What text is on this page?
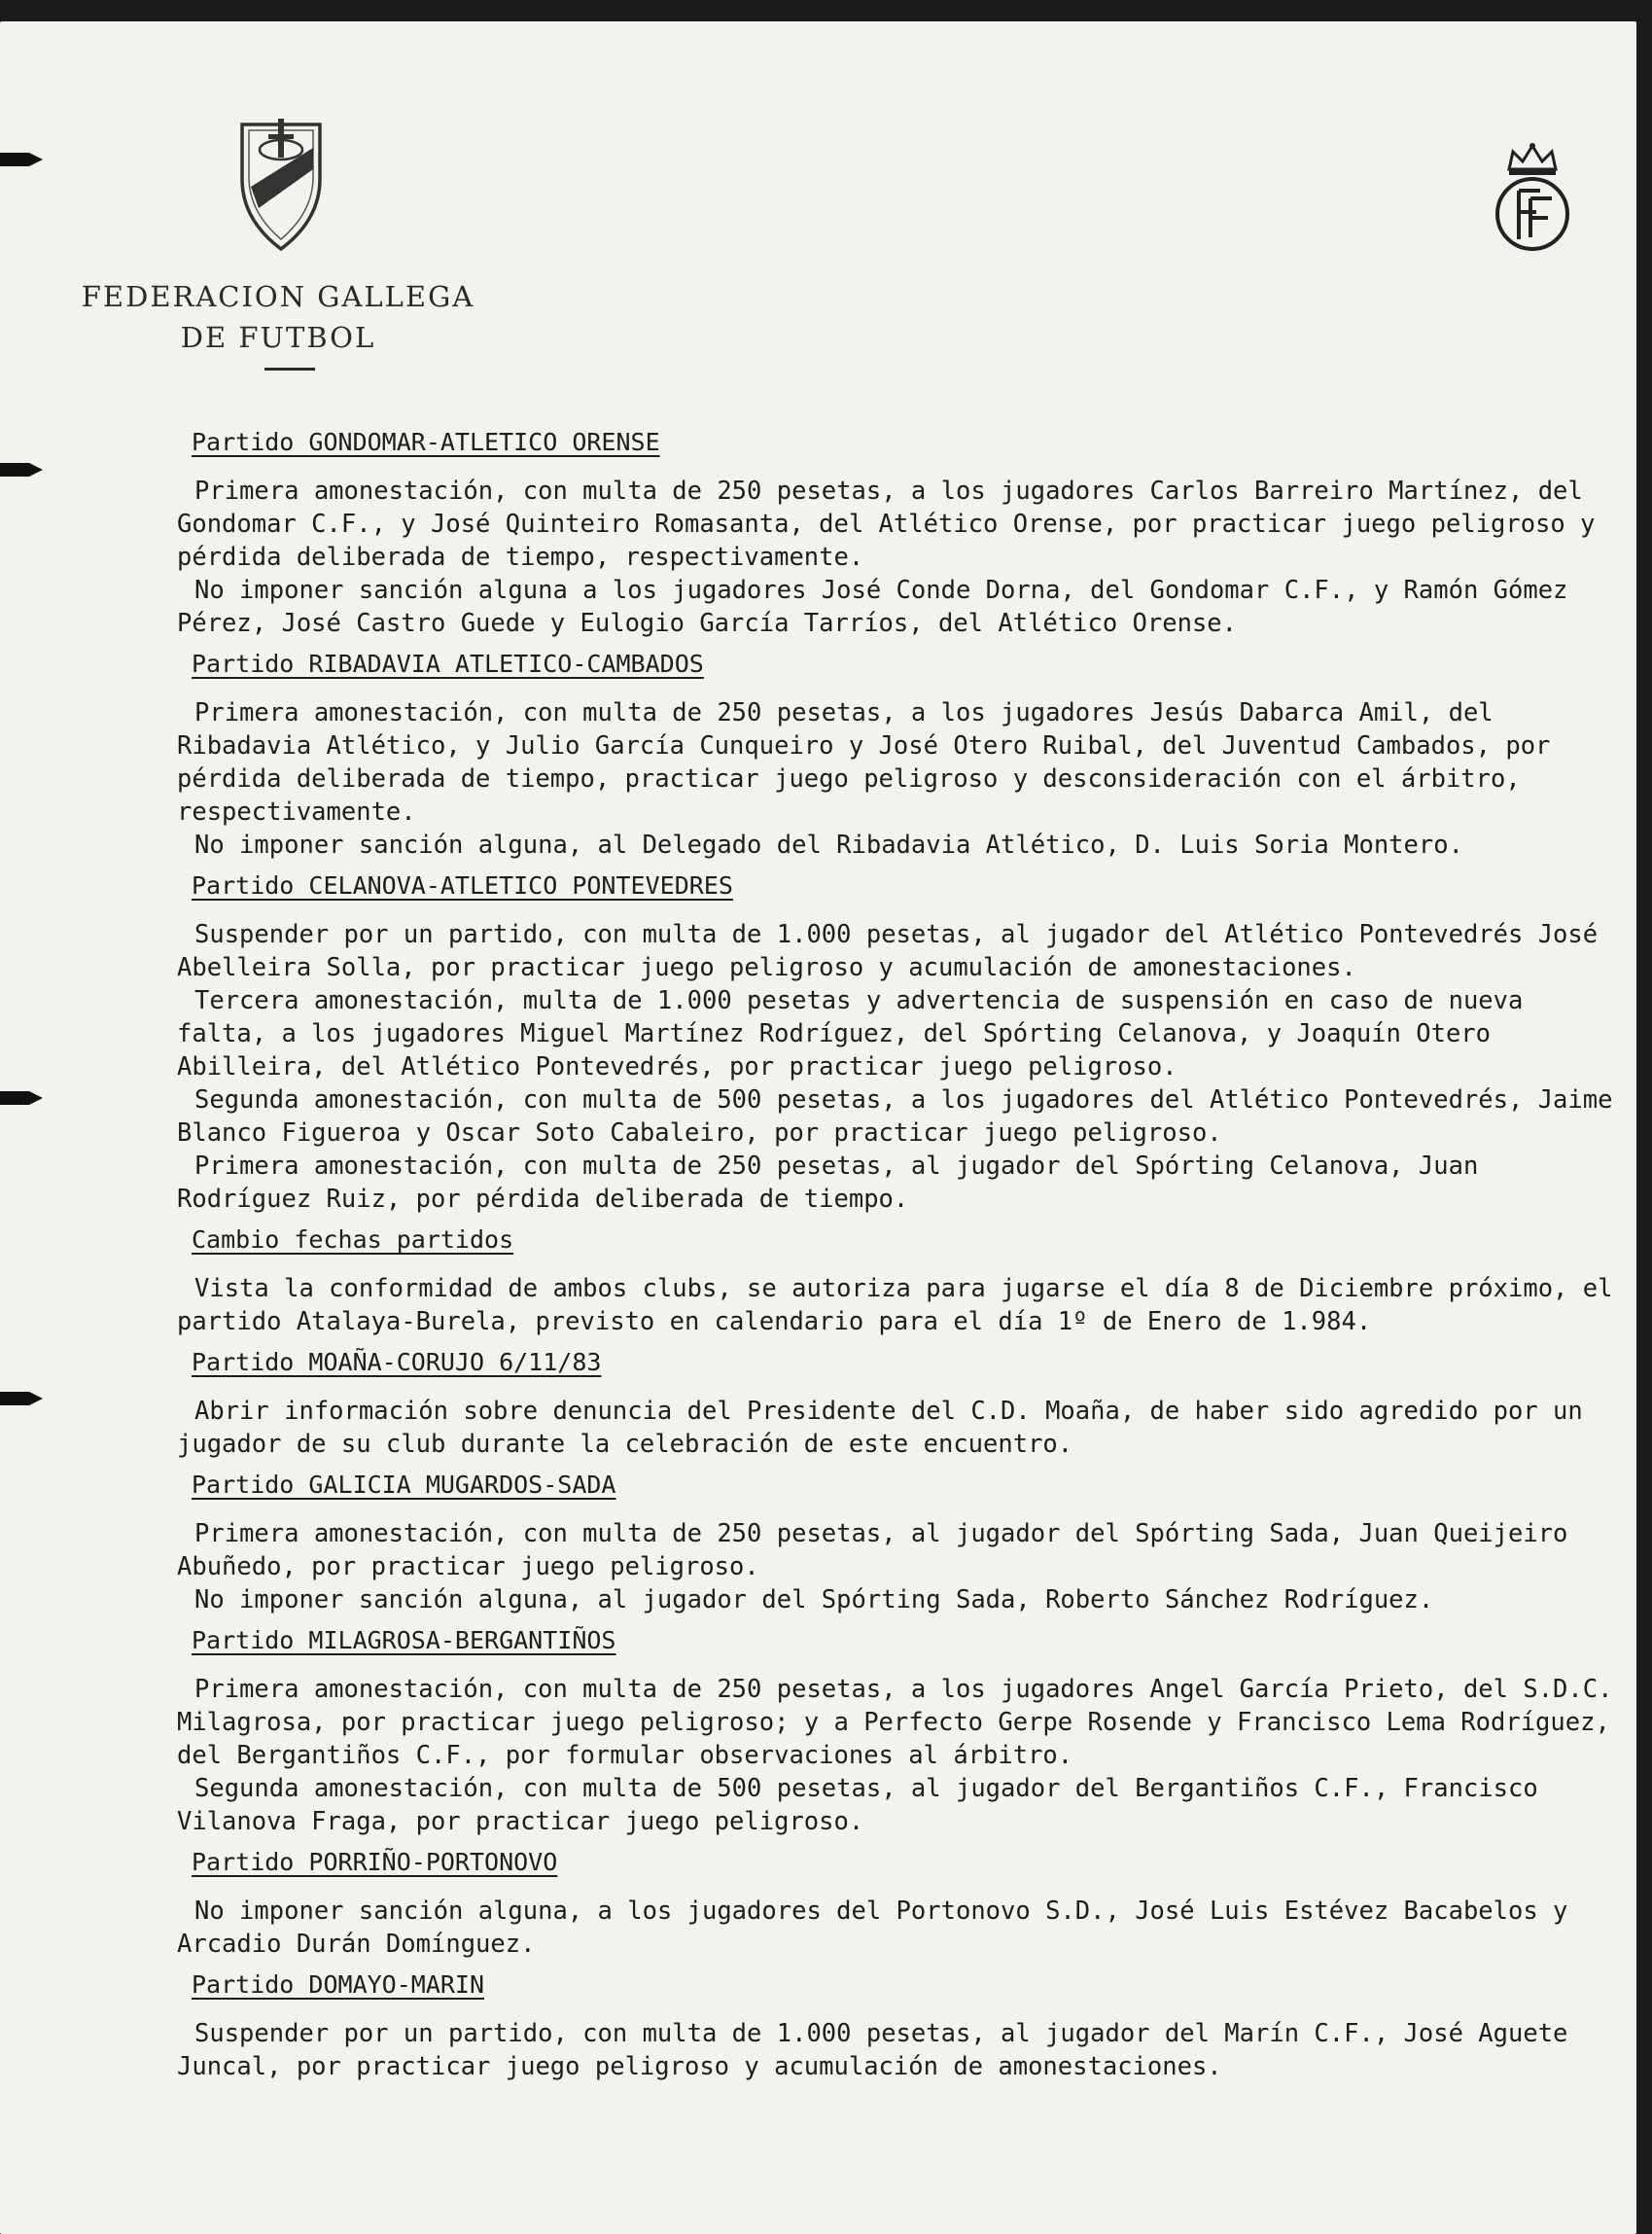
FEDERACION GALLEGA
DE FUTBOL
Partido GONDOMAR-ATLETICO ORENSE

Primera amonestación, con multa de 250 pesetas, a los jugadores Carlos Barreiro Martínez, del Gondomar C.F., y José Quinteiro Romasanta, del Atlético Orense, por practicar juego peligroso y pérdida deliberada de tiempo, respectivamente.

No imponer sanción alguna a los jugadores José Conde Dorna, del Gondomar C.F., y Ramón Gómez Pérez, José Castro Guede y Eulogio García Tarríos, del Atlético Orense.

Partido RIBADAVIA ATLETICO-CAMBADOS

Primera amonestación, con multa de 250 pesetas, a los jugadores Jesús Dabarca Amil, del Ribadavia Atlético, y Julio García Cunqueiro y José Otero Ruibal, del Juventud Cambados, por pérdida deliberada de tiempo, practicar juego peligroso y desconsideración con el árbitro, respectivamente.

No imponer sanción alguna, al Delegado del Ribadavia Atlético, D. Luis Soria Montero.

Partido CELANOVA-ATLETICO PONTEVEDRES

Suspender por un partido, con multa de 1.000 pesetas, al jugador del Atlético Pontevedrés José Abelleira Solla, por practicar juego peligroso y acumulación de amonestaciones.

Tercera amonestación, multa de 1.000 pesetas y advertencia de suspensión en caso de nueva falta, a los jugadores Miguel Martínez Rodríguez, del Spórting Celanova, y Joaquín Otero Abilleira, del Atlético Pontevedrés, por practicar juego peligroso.

Segunda amonestación, con multa de 500 pesetas, a los jugadores del Atlético Pontevedrés, Jaime Blanco Figueroa y Oscar Soto Cabaleiro, por practicar juego peligroso.

Primera amonestación, con multa de 250 pesetas, al jugador del Spórting Celanova, Juan Rodríguez Ruiz, por pérdida deliberada de tiempo.

Cambio fechas partidos

Vista la conformidad de ambos clubs, se autoriza para jugarse el día 8 de Diciembre próximo, el partido Atalaya-Burela, previsto en calendario para el día 1º de Enero de 1.984.

Partido MOAÑA-CORUJO 6/11/83

Abrir información sobre denuncia del Presidente del C.D. Moaña, de haber sido agredido por un jugador de su club durante la celebración de este encuentro.

Partido GALICIA MUGARDOS-SADA

Primera amonestación, con multa de 250 pesetas, al jugador del Spórting Sada, Juan Queijeiro Abuñedo, por practicar juego peligroso.

No imponer sanción alguna, al jugador del Spórting Sada, Roberto Sánchez Rodríguez.

Partido MILAGROSA-BERGANTIÑOS

Primera amonestación, con multa de 250 pesetas, a los jugadores Angel García Prieto, del S.D.C. Milagrosa, por practicar juego peligroso; y a Perfecto Gerpe Rosende y Francisco Lema Rodríguez, del Bergantiños C.F., por formular observaciones al árbitro.

Segunda amonestación, con multa de 500 pesetas, al jugador del Bergantiños C.F., Francisco Vilanova Fraga, por practicar juego peligroso.

Partido PORRIÑO-PORTONOVO

No imponer sanción alguna, a los jugadores del Portonovo S.D., José Luis Estévez Bacabelos y Arcadio Durán Domínguez.

Partido DOMAYO-MARIN

Suspender por un partido, con multa de 1.000 pesetas, al jugador del Marín C.F., José Aguete Juncal, por practicar juego peligroso y acumulación de amonestaciones.
